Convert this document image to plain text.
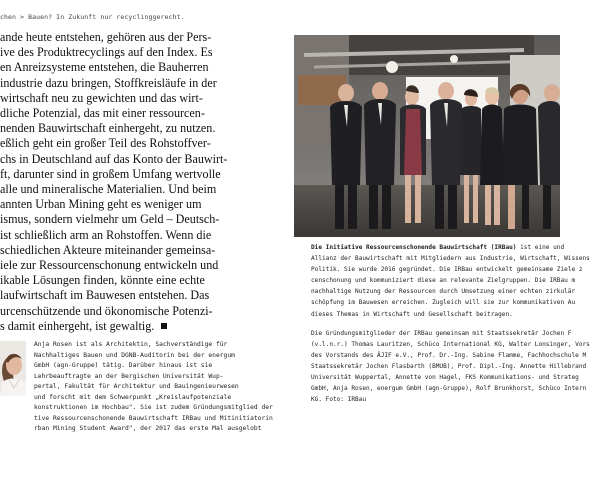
chen > Bauen? In Zukunft nur recyclinggerecht.
ande heute entstehen, gehören aus der Pers-
ive des Produktrecyclings auf den Index. Es
en Anreizsysteme entstehen, die Bauherren
industrie dazu bringen, Stoffkreisläufe in der
wirtschaft neu zu gewichten und das wirt-
dliche Potenzial, das mit einer ressourcen-
nenden Bauwirtschaft einhergeht, zu nutzen.
eßlich geht ein großer Teil des Rohstoffver-
chs in Deutschland auf das Konto der Bauwirt-
ft, darunter sind in großem Umfang wertvolle
alle und mineralische Materialien. Und beim
annten Urban Mining geht es weniger um
ismus, sondern vielmehr um Geld – Deutsch-
ist schließlich arm an Rohstoffen. Wenn die
schiedlichen Akteure miteinander gemeinsa-
iele zur Ressourcenschonung entwickeln und
ikable Lösungen finden, könnte eine echte
laufwirtschaft im Bauwesen entstehen. Das
urcenschützende und ökonomische Potenzi-
s damit einhergeht, ist gewaltig.
Anja Rosen ist als Architektin, Sachverständige für
Nachhaltiges Bauen und DGNB-Auditorin bei der energum
GmbH (agn-Gruppe) tätig. Darüber hinaus ist sie
Lehrbeauftragte an der Bergischen Universität Wup-
pertal, Fakultät für Architektur und Bauingenieurwesen
und forscht mit dem Schwerpunkt „Kreislaufpotenziale
konstruktionen im Hochbau". Sie ist zudem Gründungsmitglied der
tive Ressourcenschonende Bauwirtschaft IRBau und Mitinitiatorin
rban Mining Student Award", der 2017 das erste Mal ausgelobt
Die Initiative Ressourcenschonende Bauwirtschaft (IRBau) ist eine und
Allianz der Bauwirtschaft mit Mitgliedern aus Industrie, Wirtschaft, Wissens
Politik. Sie wurde 2016 gegründet. Die IRBau entwickelt gemeinsame Ziele z
censchonung und kommuniziert diese an relevante Zielgruppen. Die IRBau m
nachhaltige Nutzung der Ressourcen durch Umsetzung einer echten zirkulär
schöpfung im Bauwesen erreichen. Zugleich will sie zur kommunikativen Au
dieses Themas in Wirtschaft und Gesellschaft beitragen.
Die Gründungsmitglieder der IRBau gemeinsam mit Staatssekretär Jochen F
(v.l.n.r.) Thomas Lauritzen, Schüco International KG, Walter Lonsinger, Vors
des Vorstands des ÄJIF e.V., Prof. Dr.-Ing. Sabine Flamme, Fachhochschule M
Staatssekretär Jochen Flasbarth (BMUB), Prof. Dipl.-Ing. Annette Hillebrand
Universität Wuppertal, Annette von Hagel, FKS Kommunikations- und Strateg
GmbH, Anja Rosen, energum GmbH (agn-Gruppe), Rolf Brunkhorst, Schüco Intern
KG. Foto: IRBau
